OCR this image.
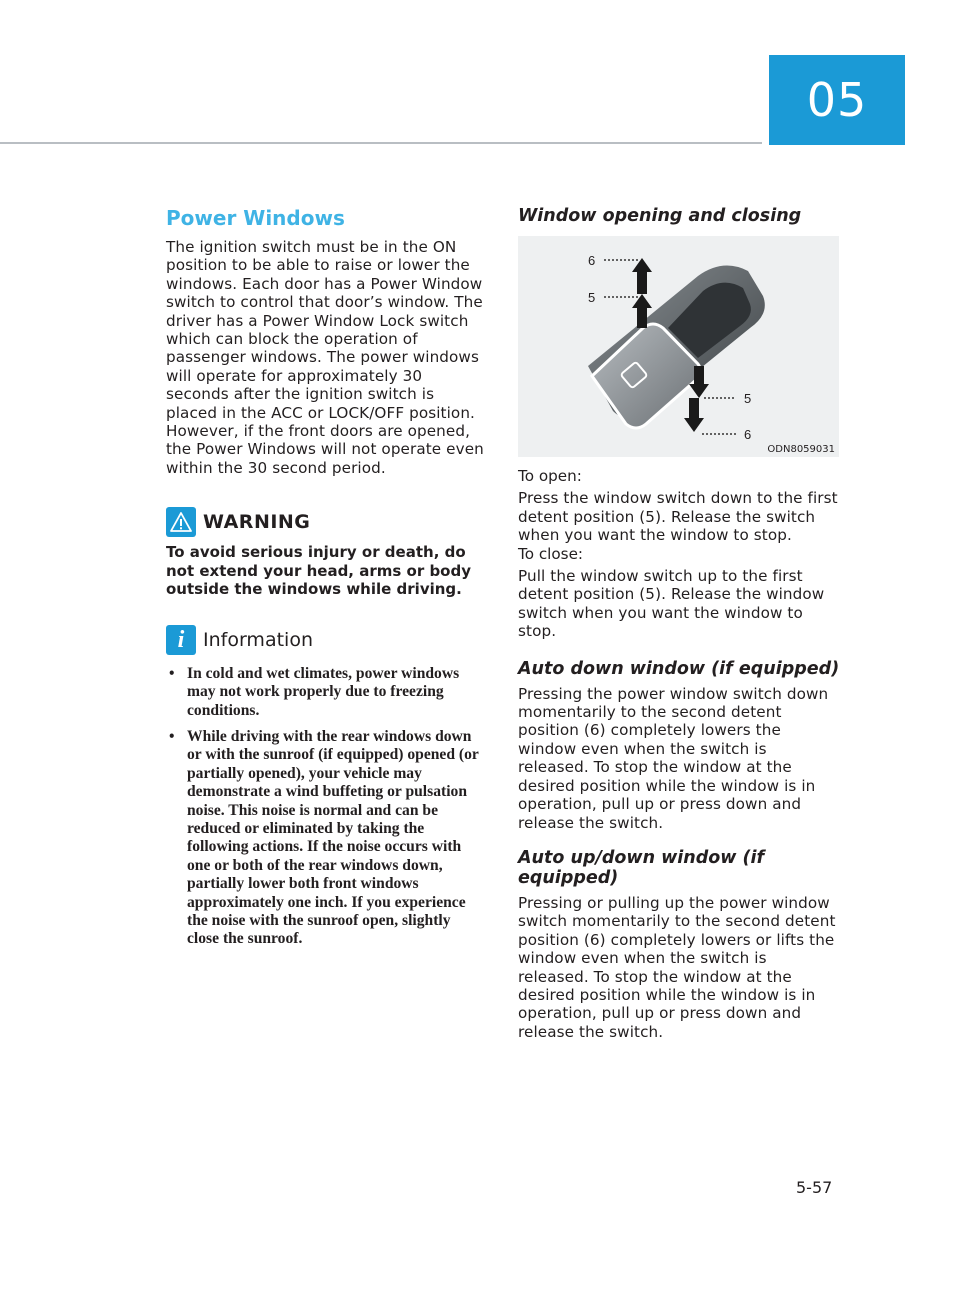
05
Power Windows

The ignition switch must be in the ON position to be able to raise or lower the windows. Each door has a Power Window switch to control that door’s window. The driver has a Power Window Lock switch which can block the operation of passenger windows. The power windows will operate for approximately 30 seconds after the ignition switch is placed in the ACC or LOCK/OFF position. However, if the front doors are opened, the Power Windows will not operate even within the 30 second period.

WARNING

To avoid serious injury or death, do not extend your head, arms or body outside the windows while driving.

i Information
• In cold and wet climates, power windows may not work properly due to freezing conditions.
• While driving with the rear windows down or with the sunroof (if equipped) opened (or partially opened), your vehicle may demonstrate a wind buffeting or pulsation noise. This noise is normal and can be reduced or eliminated by taking the following actions. If the noise occurs with one or both of the rear windows down, partially lower both front windows approximately one inch. If you experience the noise with the sunroof open, slightly close the sunroof.
Window opening and closing
6
5
5
6
ODN8059031

To open:

Press the window switch down to the first detent position (5). Release the switch when you want the window to stop.

To close:

Pull the window switch up to the first detent position (5). Release the window switch when you want the window to stop.

Auto down window (if equipped)

Pressing the power window switch down momentarily to the second detent position (6) completely lowers the window even when the switch is released. To stop the window at the desired position while the window is in operation, pull up or press down and release the switch.

Auto up/down window (if equipped)

Pressing or pulling up the power window switch momentarily to the second detent position (6) completely lowers or lifts the window even when the switch is released. To stop the window at the desired position while the window is in operation, pull up or press down and release the switch.

5-57
